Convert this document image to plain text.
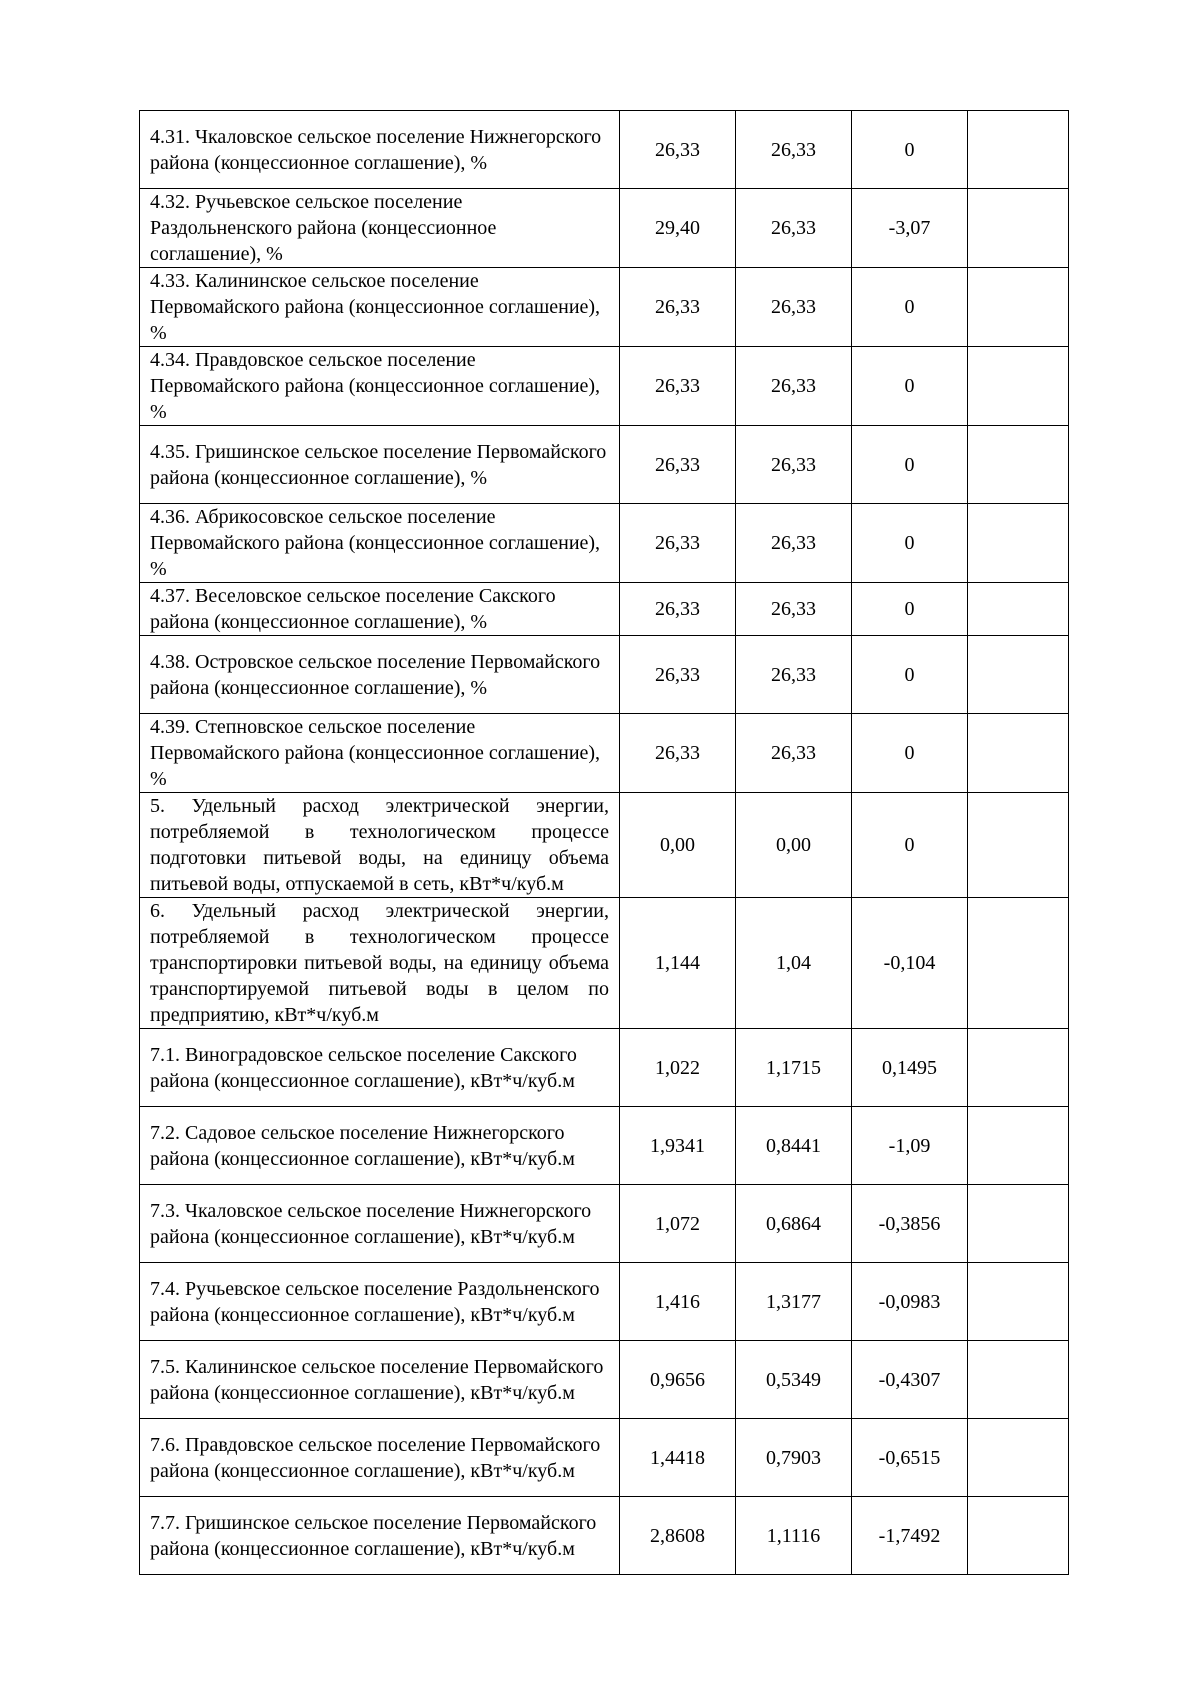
4.31. Чкаловское сельское поселение Нижнегорского района (концессионное соглашение), %	26,33	26,33	0	
4.32. Ручьевское сельское поселение Раздольненского района (концессионное соглашение), %	29,40	26,33	-3,07	
4.33. Калининское сельское поселение Первомайского района (концессионное соглашение), %	26,33	26,33	0	
4.34. Правдовское сельское поселение Первомайского района (концессионное соглашение), %	26,33	26,33	0	
4.35. Гришинское сельское поселение Первомайского района (концессионное соглашение), %	26,33	26,33	0	
4.36. Абрикосовское сельское поселение Первомайского района (концессионное соглашение), %	26,33	26,33	0	
4.37. Веселовское сельское поселение Сакского района (концессионное соглашение), %	26,33	26,33	0	
4.38. Островское сельское поселение Первомайского района (концессионное соглашение), %	26,33	26,33	0	
4.39. Степновское сельское поселение Первомайского района (концессионное соглашение), %	26,33	26,33	0	
5. Удельный расход электрической энергии, потребляемой в технологическом процессе подготовки питьевой воды, на единицу объема питьевой воды, отпускаемой в сеть, кВт*ч/куб.м	0,00	0,00	0	
6. Удельный расход электрической энергии, потребляемой в технологическом процессе транспортировки питьевой воды, на единицу объема транспортируемой питьевой воды в целом по предприятию, кВт*ч/куб.м	1,144	1,04	-0,104	
7.1. Виноградовское сельское поселение Сакского района (концессионное соглашение), кВт*ч/куб.м	1,022	1,1715	0,1495	
7.2. Садовое сельское поселение Нижнегорского района (концессионное соглашение), кВт*ч/куб.м	1,9341	0,8441	-1,09	
7.3. Чкаловское сельское поселение Нижнегорского района (концессионное соглашение), кВт*ч/куб.м	1,072	0,6864	-0,3856	
7.4. Ручьевское сельское поселение Раздольненского района (концессионное соглашение), кВт*ч/куб.м	1,416	1,3177	-0,0983	
7.5. Калининское сельское поселение Первомайского района (концессионное соглашение), кВт*ч/куб.м	0,9656	0,5349	-0,4307	
7.6. Правдовское сельское поселение Первомайского района (концессионное соглашение), кВт*ч/куб.м	1,4418	0,7903	-0,6515	
7.7. Гришинское сельское поселение Первомайского района (концессионное соглашение), кВт*ч/куб.м	2,8608	1,1116	-1,7492	
